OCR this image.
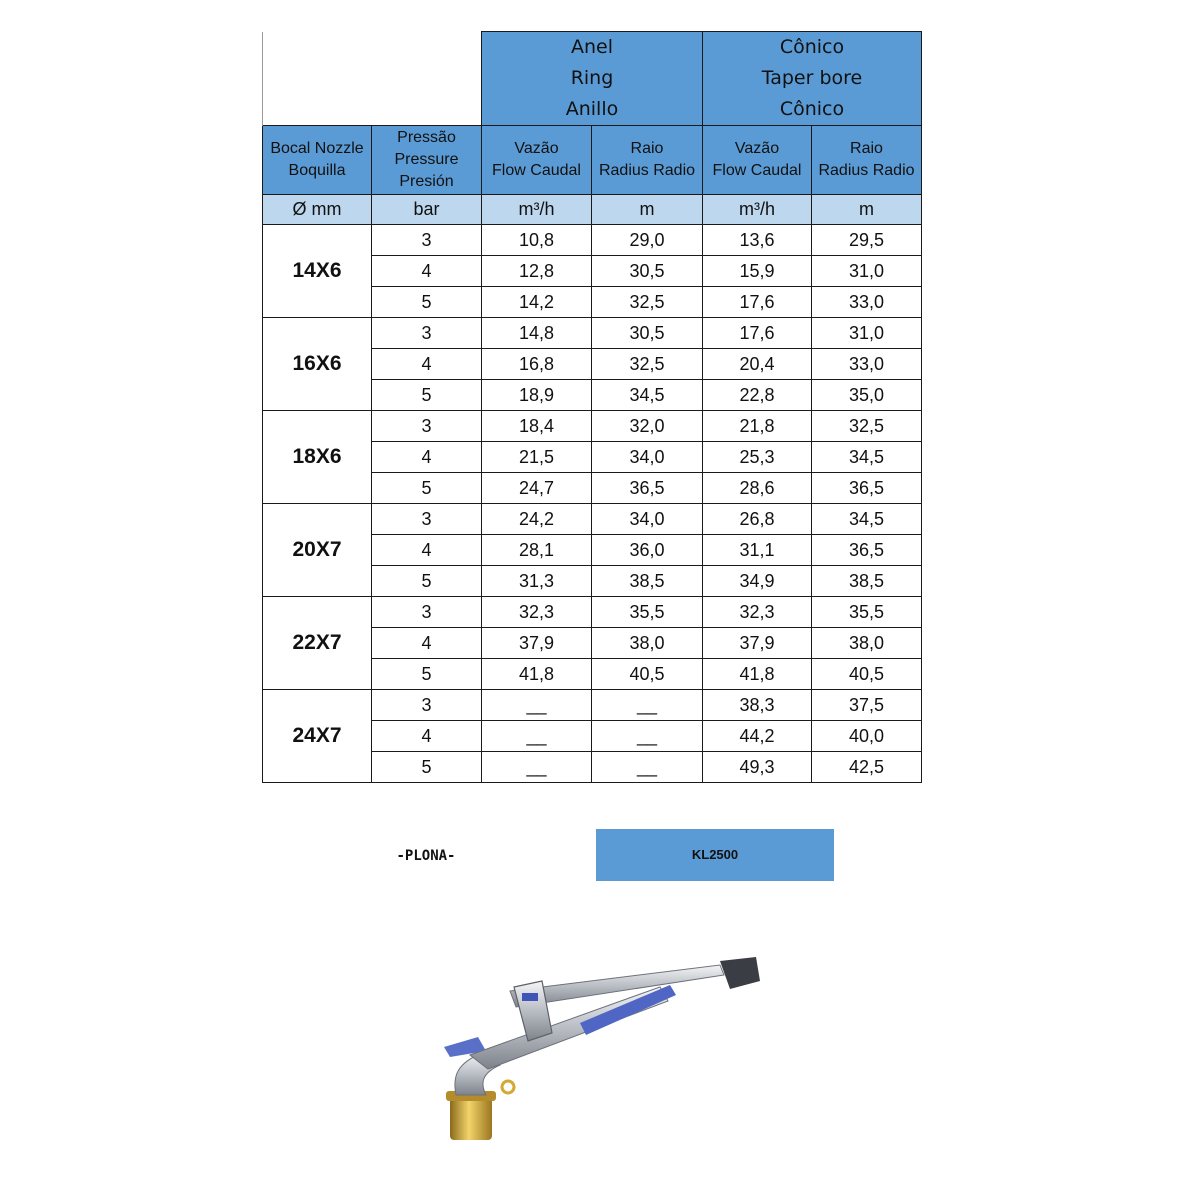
		Anel
Ring
Anillo		Cônico
Taper bore
Cônico	

Bocal Nozzle
Boquilla	Pressão
Pressure
Presión	Vazão
Flow Caudal	Raio
Radius Radio	Vazão
Flow Caudal	Raio
Radius Radio

Ø mm	bar	m³/h	m	m³/h	m
14X6	3	10,8	29,0	13,6	29,5
	4	12,8	30,5	15,9	31,0
	5	14,2	32,5	17,6	33,0
16X6	3	14,8	30,5	17,6	31,0
	4	16,8	32,5	20,4	33,0
	5	18,9	34,5	22,8	35,0
18X6	3	18,4	32,0	21,8	32,5
	4	21,5	34,0	25,3	34,5
	5	24,7	36,5	28,6	36,5
20X7	3	24,2	34,0	26,8	34,5
	4	28,1	36,0	31,1	36,5
	5	31,3	38,5	34,9	38,5
22X7	3	32,3	35,5	32,3	35,5
	4	37,9	38,0	37,9	38,0
	5	41,8	40,5	41,8	40,5
24X7	3	__	__	38,3	37,5
	4	__	__	44,2	40,0
	5	__	__	49,3	42,5
-PLONA-	KL2500
